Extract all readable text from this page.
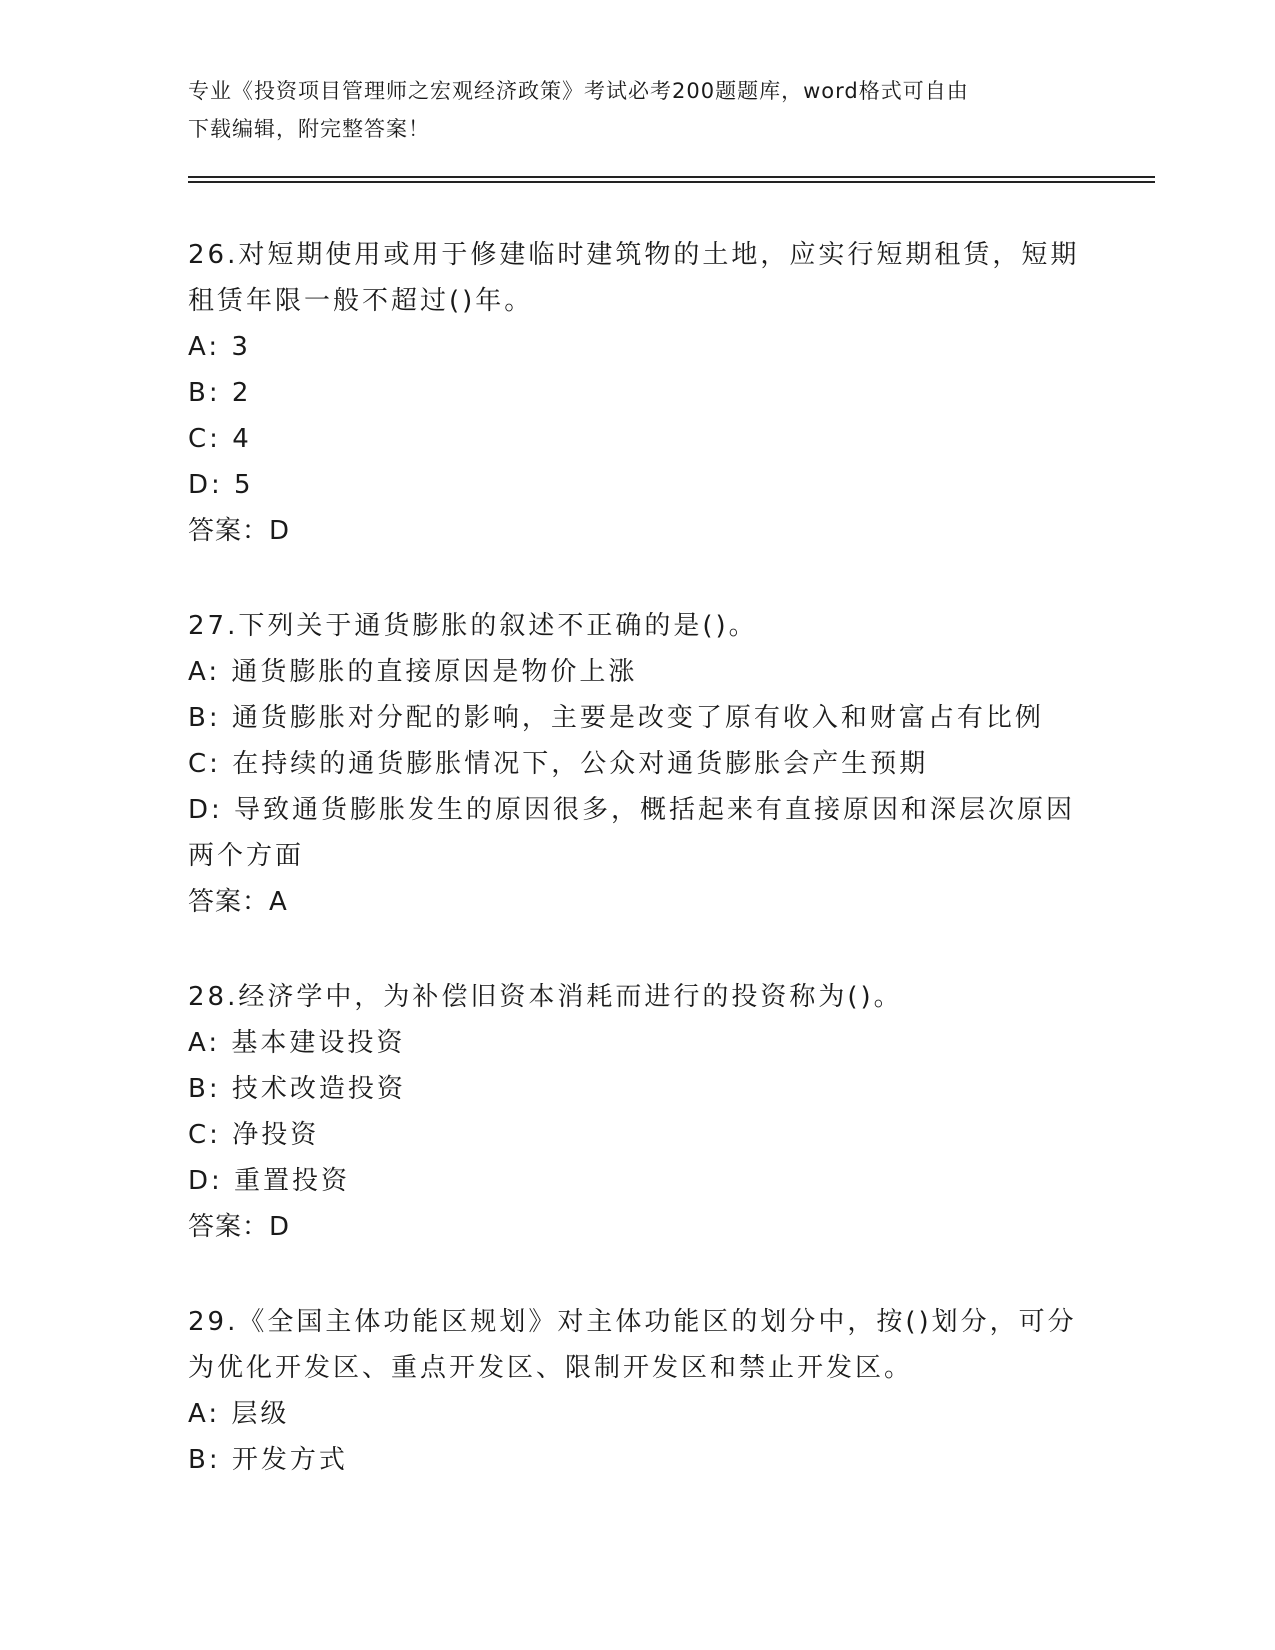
专业《投资项目管理师之宏观经济政策》考试必考200题题库，word格式可自由
下载编辑，附完整答案！

26.对短期使用或用于修建临时建筑物的土地，应实行短期租赁，短期

租赁年限一般不超过()年。

A: 3

B: 2

C: 4

D: 5

答案：D

27.下列关于通货膨胀的叙述不正确的是()。

A: 通货膨胀的直接原因是物价上涨

B: 通货膨胀对分配的影响，主要是改变了原有收入和财富占有比例

C: 在持续的通货膨胀情况下，公众对通货膨胀会产生预期

D: 导致通货膨胀发生的原因很多，概括起来有直接原因和深层次原因

两个方面

答案：A

28.经济学中，为补偿旧资本消耗而进行的投资称为()。

A: 基本建设投资

B: 技术改造投资

C: 净投资

D: 重置投资

答案：D

29.《全国主体功能区规划》对主体功能区的划分中，按()划分，可分

为优化开发区、重点开发区、限制开发区和禁止开发区。

A: 层级

B: 开发方式
